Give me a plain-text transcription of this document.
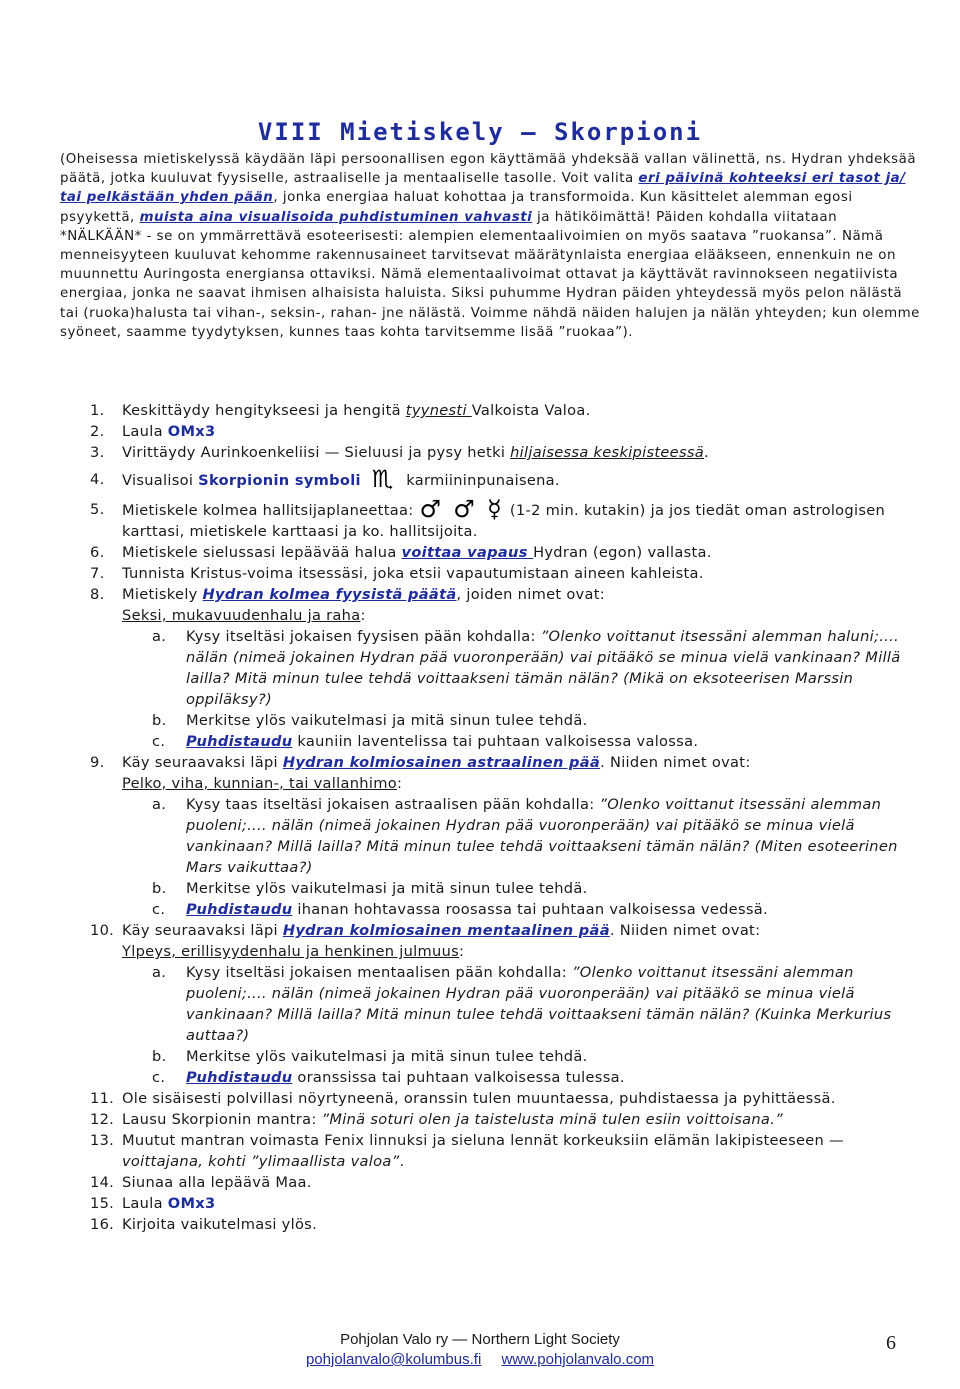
Pohjolan Valo ry — Northern Light Society
Teemakuukaudet 8
Skorpioni-Jousimies
VIII Mietiskely — Skorpioni
(Oheisessa mietiskelyssä käydään läpi persoonallisen egon käyttämää yhdeksää vallan välinettä, ns. Hydran yhdeksää päätä, jotka kuuluvat fyysiselle, astraaliselle ja mentaaliselle tasolle. Voit valita eri päivinä kohteeksi eri tasot ja/ tai pelkästään yhden pään, jonka energiaa haluat kohottaa ja transformoida. Kun käsittelet alemman egosi psyykettä, muista aina visualisoida puhdistuminen vahvasti ja hätiköimättä! Päiden kohdalla viitataan *NÄLKÄÄN* - se on ymmärrettävä esoteerisesti: alempien elementaalivoimien on myös saatava ”ruokansa”. Nämä menneisyyteen kuuluvat kehomme rakennusaineet tarvitsevat määrätynlaista energiaa elääkseen, ennenkuin ne on muunnettu Auringosta energiansa ottaviksi. Nämä elementaalivoimat ottavat ja käyttävät ravinnokseen negatiivista energiaa, jonka ne saavat ihmisen alhaisista haluista. Siksi puhumme Hydran päiden yhteydessä myös pelon nälästä tai (ruoka)halusta tai vihan-, seksin-, rahan- jne nälästä. Voimme nähdä näiden halujen ja nälän yhteyden; kun olemme syöneet, saamme tyydytyksen, kunnes taas kohta tarvitsemme lisää ”ruokaa”).
1.	Keskittäydy hengitykseesi ja hengitä tyynesti Valkoista Valoa.
2.	Laula OMx3
3.	Virittäydy Aurinkoenkeliisi — Sieluusi ja pysy hetki hiljaisessa keskipisteessä.
4.	Visualisoi Skorpionin symboli ♏ karmiininpunaisena.
5.	Mietiskele kolmea hallitsijaplaneettaa: ♂ ♂ ☿ (1-2 min. kutakin) ja jos tiedät oman astrologisen karttasi, mietiskele karttaasi ja ko. hallitsijoita.
6.	Mietiskele sielussasi lepäävää halua voittaa vapaus Hydran (egon) vallasta.
7.	Tunnista Kristus-voima itsessäsi, joka etsii vapautumistaan aineen kahleista.
8.	Mietiskely Hydran kolmea fyysistä päätä, joiden nimet ovat:
Seksi, mukavuudenhalu ja raha:
a. Kysy itseltäsi jokaisen fyysisen pään kohdalla: ”Olenko voittanut itsessäni alemman haluni;.... nälän (nimeä jokainen Hydran pää vuoronperään) vai pitääkö se minua vielä vankinaan? Millä lailla? Mitä minun tulee tehdä voittaakseni tämän nälän? (Mikä on eksoteerisen Marssin oppiläksy?)
b. Merkitse ylös vaikutelmasi ja mitä sinun tulee tehdä.
c. Puhdistaudu kauniin laventelissa tai puhtaan valkoisessa valossa.
9.	Käy seuraavaksi läpi Hydran kolmiosainen astraalinen pää. Niiden nimet ovat:
Pelko, viha, kunnian-, tai vallanhimo:
a. Kysy taas itseltäsi jokaisen astraalisen pään kohdalla: ”Olenko voittanut itsessäni alemman puoleni;.... nälän (nimeä jokainen Hydran pää vuoronperään) vai pitääkö se minua vielä vankinaan? Millä lailla? Mitä minun tulee tehdä voittaakseni tämän nälän? (Miten esoteerinen Mars vaikuttaa?)
b. Merkitse ylös vaikutelmasi ja mitä sinun tulee tehdä.
c. Puhdistaudu ihanan hohtavassa roosassa tai puhtaan valkoisessa vedessä.
10. Käy seuraavaksi läpi Hydran kolmiosainen mentaalinen pää. Niiden nimet ovat:
Ylpeys, erillisyydenhalu ja henkinen julmuus:
a. Kysy itseltäsi jokaisen mentaalisen pään kohdalla: ”Olenko voittanut itsessäni alemman puoleni;.... nälän (nimeä jokainen Hydran pää vuoronperään) vai pitääkö se minua vielä vankinaan? Millä lailla? Mitä minun tulee tehdä voittaakseni tämän nälän? (Kuinka Merkurius auttaa?)
b. Merkitse ylös vaikutelmasi ja mitä sinun tulee tehdä.
c. Puhdistaudu oranssissa tai puhtaan valkoisessa tulessa.
11. Ole sisäisesti polvillasi nöyrtyneenä, oranssin tulen muuntaessa, puhdistaessa ja pyhittäessä.
12. Lausu Skorpionin mantra: ”Minä soturi olen ja taistelusta minä tulen esiin voittoisana.”
13. Muutut mantran voimasta Fenix linnuksi ja sieluna lennät korkeuksiin elämän lakipisteeseen — voittajana, kohti ”ylimaallista valoa”.
14. Siunaa alla lepäävä Maa.
15. Laula OMx3
16. Kirjoita vaikutelmasi ylös.
Pohjolan Valo ry — Northern Light Society
pohjolanvalo@kolumbus.fi www.pohjolanvalo.com
6
